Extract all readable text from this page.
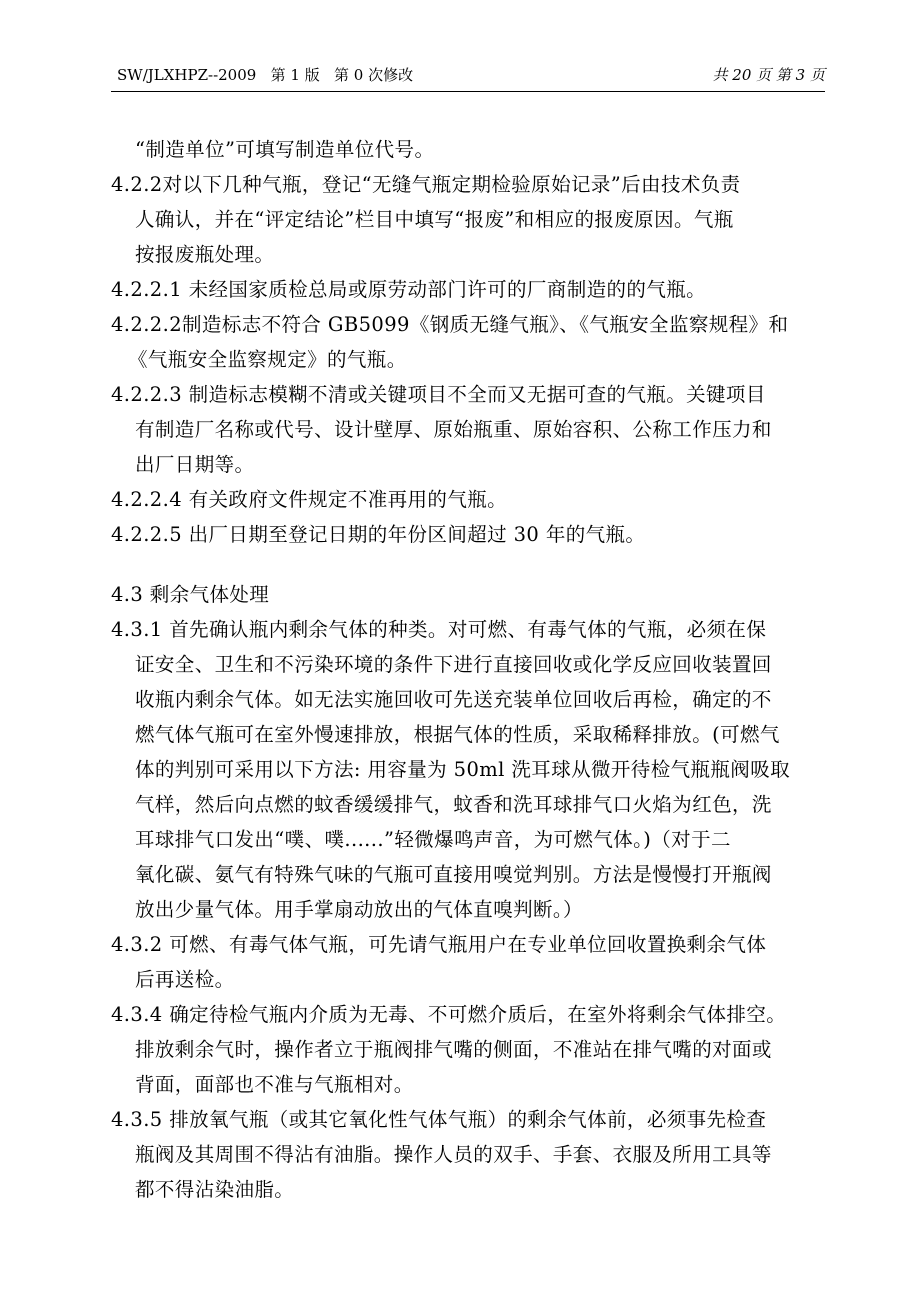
SW/JLXHPZ--2009   第 1 版   第 0 次修改	共 20 页 第 3 页
“制造单位”可填写制造单位代号。
4.2.2对以下几种气瓶，登记“无缝气瓶定期检验原始记录”后由技术负责
人确认，并在“评定结论”栏目中填写“报废”和相应的报废原因。气瓶
按报废瓶处理。
4.2.2.1 未经国家质检总局或原劳动部门许可的厂商制造的的气瓶。
4.2.2.2制造标志不符合 GB5099《钢质无缝气瓶》、《气瓶安全监察规程》和
《气瓶安全监察规定》的气瓶。
4.2.2.3 制造标志模糊不清或关键项目不全而又无据可查的气瓶。关键项目
有制造厂名称或代号、设计壁厚、原始瓶重、原始容积、公称工作压力和
出厂日期等。
4.2.2.4 有关政府文件规定不准再用的气瓶。
4.2.2.5 出厂日期至登记日期的年份区间超过 30 年的气瓶。
4.3 剩余气体处理
4.3.1 首先确认瓶内剩余气体的种类。对可燃、有毒气体的气瓶，必须在保
证安全、卫生和不污染环境的条件下进行直接回收或化学反应回收装置回
收瓶内剩余气体。如无法实施回收可先送充装单位回收后再检，确定的不
燃气体气瓶可在室外慢速排放，根据气体的性质，采取稀释排放。(可燃气
体的判别可采用以下方法: 用容量为 50ml 洗耳球从微开待检气瓶瓶阀吸取
气样，然后向点燃的蚊香缓缓排气，蚊香和洗耳球排气口火焰为红色，洗
耳球排气口发出“噗、噗......”轻微爆鸣声音，为可燃气体。)（对于二
氧化碳、氨气有特殊气味的气瓶可直接用嗅觉判别。方法是慢慢打开瓶阀
放出少量气体。用手掌扇动放出的气体直嗅判断。）
4.3.2 可燃、有毒气体气瓶，可先请气瓶用户在专业单位回收置换剩余气体
后再送检。
4.3.4 确定待检气瓶内介质为无毒、不可燃介质后，在室外将剩余气体排空。
排放剩余气时，操作者立于瓶阀排气嘴的侧面，不准站在排气嘴的对面或
背面，面部也不准与气瓶相对。
4.3.5 排放氧气瓶（或其它氧化性气体气瓶）的剩余气体前，必须事先检查
瓶阀及其周围不得沾有油脂。操作人员的双手、手套、衣服及所用工具等
都不得沾染油脂。
